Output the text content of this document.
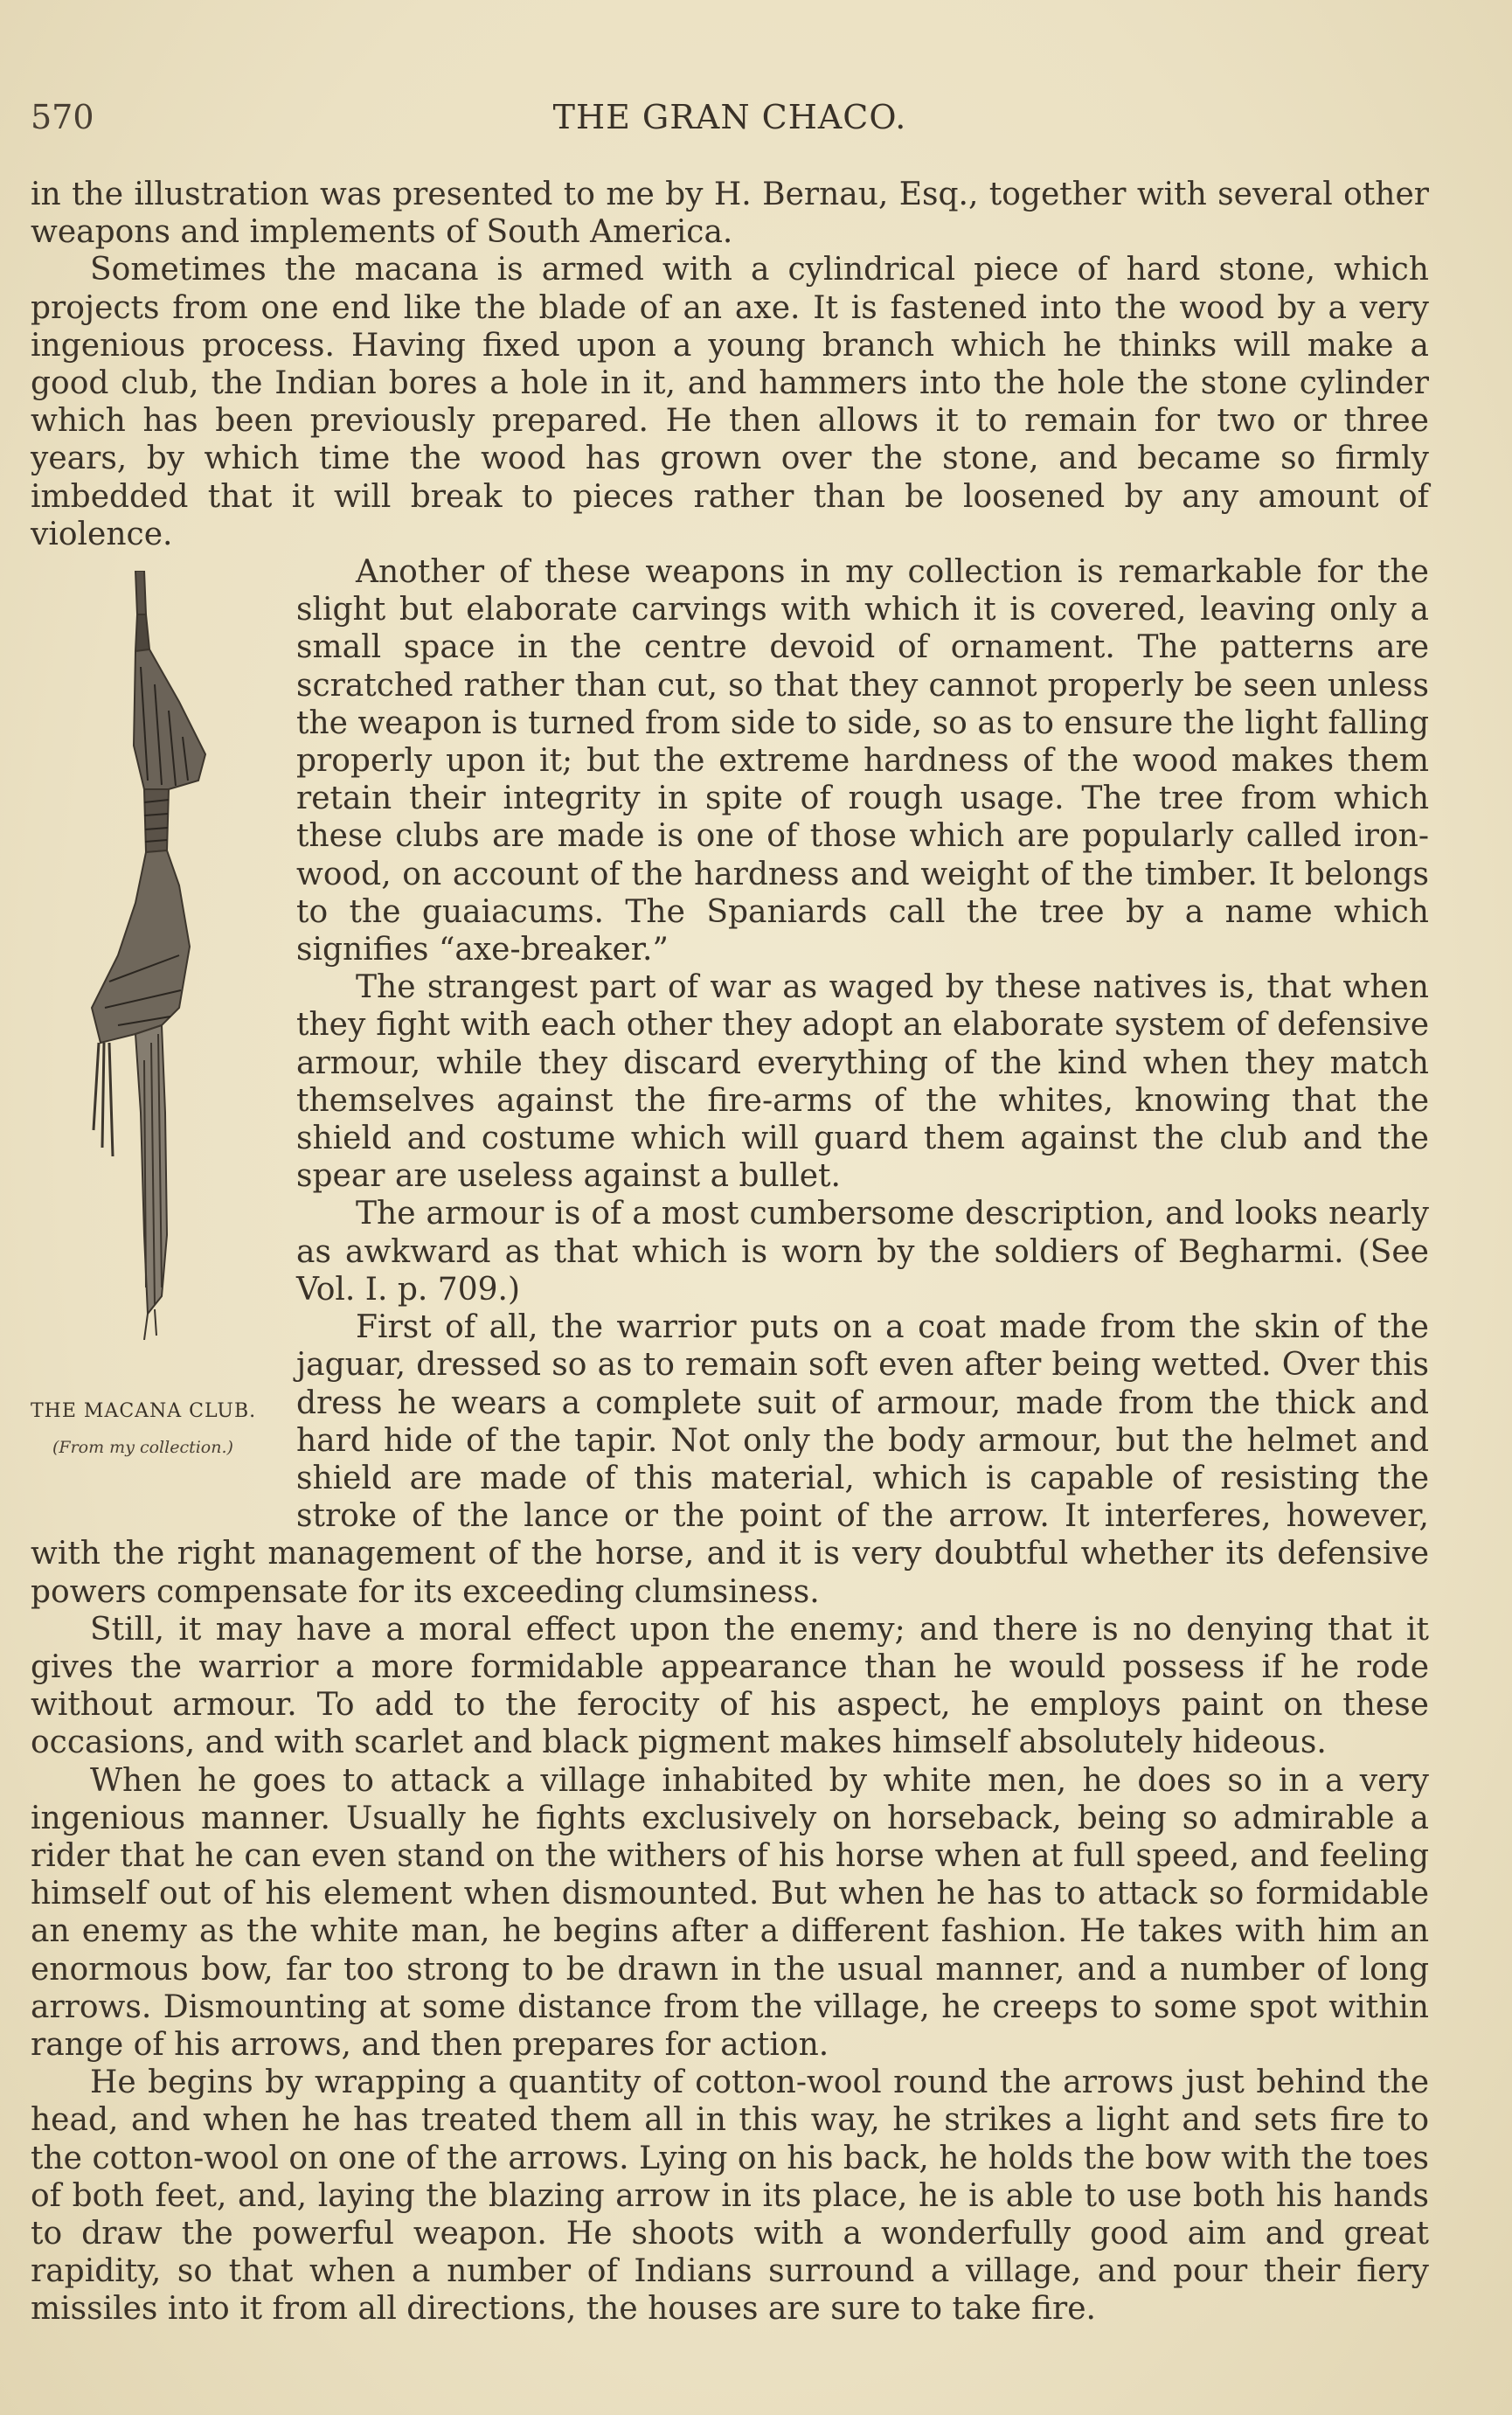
570	THE GRAN CHACO.

in the illustration was presented to me by H. Bernau, Esq., together with several other weapons and implements of South America.

Sometimes the macana is armed with a cylindrical piece of hard stone, which projects from one end like the blade of an axe. It is fastened into the wood by a very ingenious process. Having fixed upon a young branch which he thinks will make a good club, the Indian bores a hole in it, and hammers into the hole the stone cylinder which has been previously prepared. He then allows it to remain for two or three years, by which time the wood has grown over the stone, and became so firmly imbedded that it will break to pieces rather than be loosened by any amount of violence.

THE MACANA CLUB.
(From my collection.)

Another of these weapons in my collection is remarkable for the slight but elaborate carvings with which it is covered, leaving only a small space in the centre devoid of ornament. The patterns are scratched rather than cut, so that they cannot properly be seen unless the weapon is turned from side to side, so as to ensure the light falling properly upon it; but the extreme hardness of the wood makes them retain their integrity in spite of rough usage. The tree from which these clubs are made is one of those which are popularly called iron-wood, on account of the hardness and weight of the timber. It belongs to the guaiacums. The Spaniards call the tree by a name which signifies “axe-breaker.”

The strangest part of war as waged by these natives is, that when they fight with each other they adopt an elaborate system of defensive armour, while they discard everything of the kind when they match themselves against the fire-arms of the whites, knowing that the shield and costume which will guard them against the club and the spear are useless against a bullet.

The armour is of a most cumbersome description, and looks nearly as awkward as that which is worn by the soldiers of Begharmi. (See Vol. I. p. 709.)

First of all, the warrior puts on a coat made from the skin of the jaguar, dressed so as to remain soft even after being wetted. Over this dress he wears a complete suit of armour, made from the thick and hard hide of the tapir. Not only the body armour, but the helmet and shield are made of this material, which is capable of resisting the stroke of the lance or the point of the arrow. It interferes, however, with the right management of the horse, and it is very doubtful whether its defensive powers compensate for its exceeding clumsiness.

Still, it may have a moral effect upon the enemy; and there is no denying that it gives the warrior a more formidable appearance than he would possess if he rode without armour. To add to the ferocity of his aspect, he employs paint on these occasions, and with scarlet and black pigment makes himself absolutely hideous.

When he goes to attack a village inhabited by white men, he does so in a very ingenious manner. Usually he fights exclusively on horseback, being so admirable a rider that he can even stand on the withers of his horse when at full speed, and feeling himself out of his element when dismounted. But when he has to attack so formidable an enemy as the white man, he begins after a different fashion. He takes with him an enormous bow, far too strong to be drawn in the usual manner, and a number of long arrows. Dismounting at some distance from the village, he creeps to some spot within range of his arrows, and then prepares for action.

He begins by wrapping a quantity of cotton-wool round the arrows just behind the head, and when he has treated them all in this way, he strikes a light and sets fire to the cotton-wool on one of the arrows. Lying on his back, he holds the bow with the toes of both feet, and, laying the blazing arrow in its place, he is able to use both his hands to draw the powerful weapon. He shoots with a wonderfully good aim and great rapidity, so that when a number of Indians surround a village, and pour their fiery missiles into it from all directions, the houses are sure to take fire.
